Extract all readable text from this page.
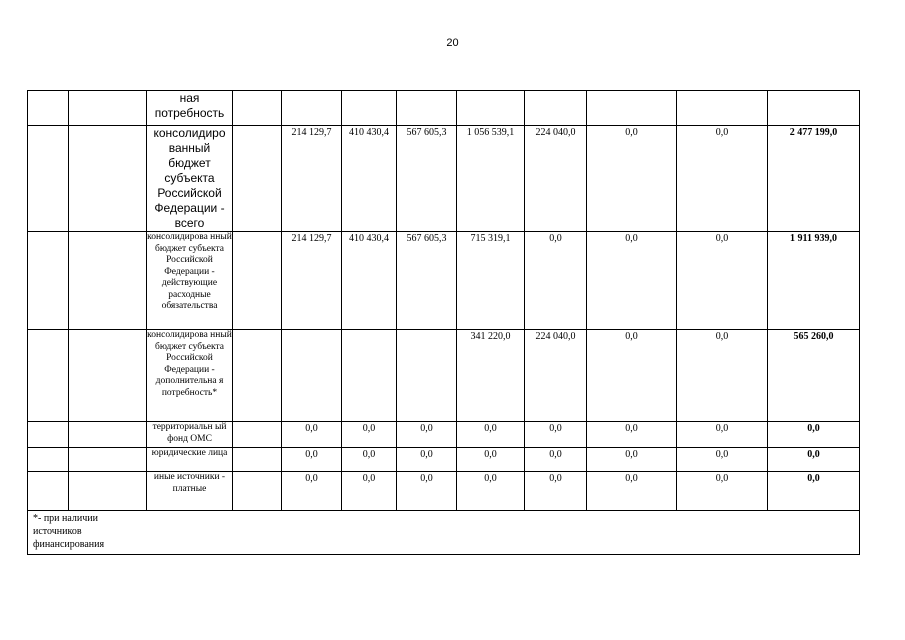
20
		ная потребность		

		консолидиро ванный бюджет субъекта Российской Федерации - всего		214 129,7	410 430,4	567 605,3	1 056 539,1	224 040,0	0,0	0,0	2 477 199,0

		консолидирова нный бюджет субъекта Российской Федерации - действующие расходные обязательства		214 129,7	410 430,4	567 605,3	715 319,1	0,0	0,0	0,0	1 911 939,0

		консолидирова нный бюджет субъекта Российской Федерации - дополнительна я потребность*					341 220,0	224 040,0	0,0	0,0	565 260,0

		территориальн ый фонд ОМС		0,0	0,0	0,0	0,0	0,0	0,0	0,0	0,0

		юридические лица		0,0	0,0	0,0	0,0	0,0	0,0	0,0	0,0

		иные источники - платные		0,0	0,0	0,0	0,0	0,0	0,0	0,0	0,0

*- при наличии источников финансирования											
